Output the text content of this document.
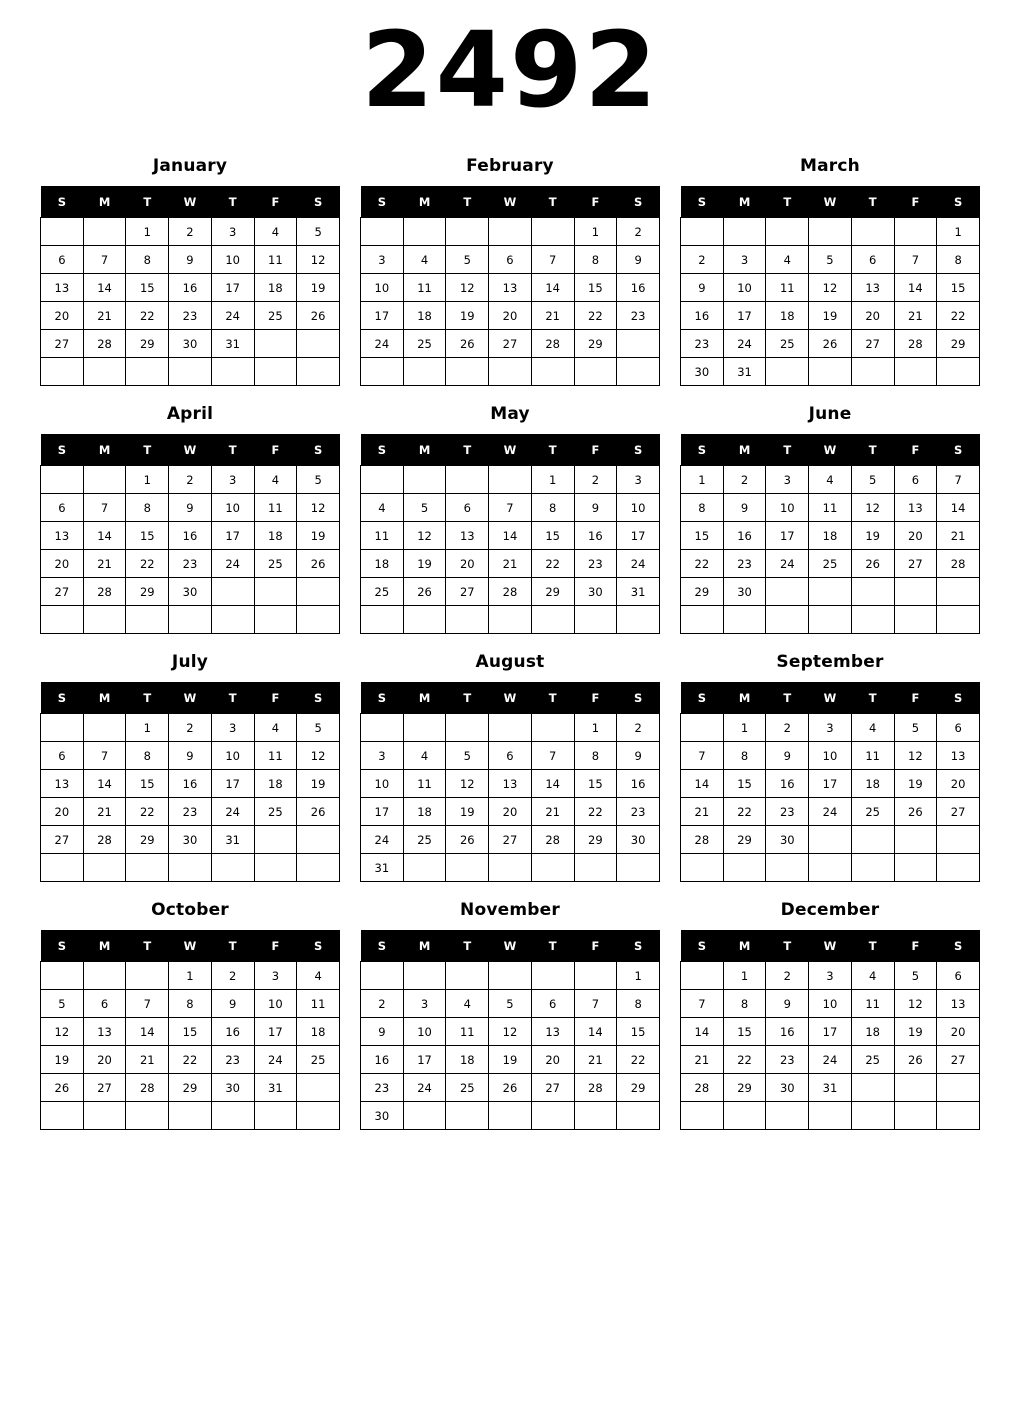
2492
January
S	M	T	W	T	F	S
		1	2	3	4	5
6	7	8	9	10	11	12
13	14	15	16	17	18	19
20	21	22	23	24	25	26
27	28	29	30	31		

February
S	M	T	W	T	F	S
					1	2
3	4	5	6	7	8	9
10	11	12	13	14	15	16
17	18	19	20	21	22	23
24	25	26	27	28	29	

March
S	M	T	W	T	F	S
						1
2	3	4	5	6	7	8
9	10	11	12	13	14	15
16	17	18	19	20	21	22
23	24	25	26	27	28	29
30	31					
April
S	M	T	W	T	F	S
		1	2	3	4	5
6	7	8	9	10	11	12
13	14	15	16	17	18	19
20	21	22	23	24	25	26
27	28	29	30			

May
S	M	T	W	T	F	S
				1	2	3
4	5	6	7	8	9	10
11	12	13	14	15	16	17
18	19	20	21	22	23	24
25	26	27	28	29	30	31

June
S	M	T	W	T	F	S
1	2	3	4	5	6	7
8	9	10	11	12	13	14
15	16	17	18	19	20	21
22	23	24	25	26	27	28
29	30					

July
S	M	T	W	T	F	S
		1	2	3	4	5
6	7	8	9	10	11	12
13	14	15	16	17	18	19
20	21	22	23	24	25	26
27	28	29	30	31		

August
S	M	T	W	T	F	S
					1	2
3	4	5	6	7	8	9
10	11	12	13	14	15	16
17	18	19	20	21	22	23
24	25	26	27	28	29	30
31						
September
S	M	T	W	T	F	S
	1	2	3	4	5	6
7	8	9	10	11	12	13
14	15	16	17	18	19	20
21	22	23	24	25	26	27
28	29	30				

October
S	M	T	W	T	F	S
			1	2	3	4
5	6	7	8	9	10	11
12	13	14	15	16	17	18
19	20	21	22	23	24	25
26	27	28	29	30	31	

November
S	M	T	W	T	F	S
						1
2	3	4	5	6	7	8
9	10	11	12	13	14	15
16	17	18	19	20	21	22
23	24	25	26	27	28	29
30						
December
S	M	T	W	T	F	S
	1	2	3	4	5	6
7	8	9	10	11	12	13
14	15	16	17	18	19	20
21	22	23	24	25	26	27
28	29	30	31			
